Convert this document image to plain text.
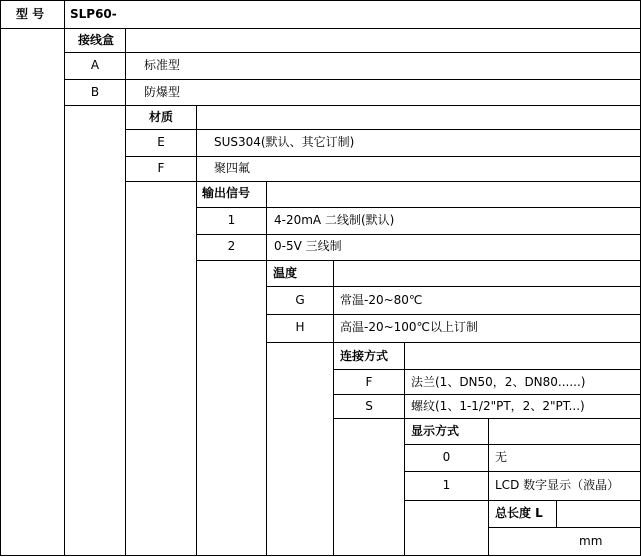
型 号 SLP60-
接线盒
A	标准型
B	防爆型
材质
E	SUS304(默认、其它订制)
F	聚四氟
输出信号
1	4-20mA 二线制(默认)
2	0-5V 三线制
温度
G	常温-20~80℃
H	高温-20~100℃以上订制
连接方式
F	法兰(1、DN50，2、DN80......)
S	螺纹(1、1-1/2"PT，2、2"PT...)
显示方式
0	无
1	LCD 数字显示（液晶）
总长度 L
mm
